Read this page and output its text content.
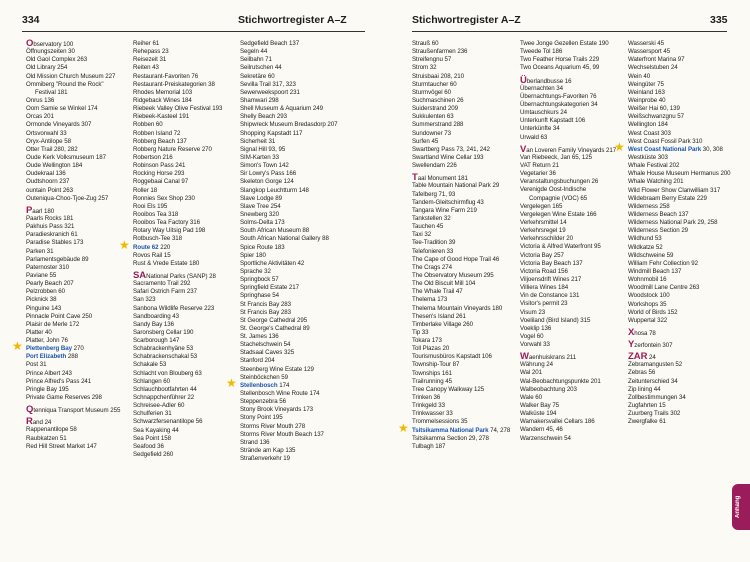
334	Stichwortregister A–Z	Stichwortregister A–Z	335
Observatory 100
Öffnungszeiten 30
Old Gaol Complex 263
Old Library 254
Old Mission Church Museum 227
Ommiberg "Round the Rock"
Festival 181
Onrus 136
Oom Samie se Winkel 174
Orcas 201
Ormonde Vineyards 307
Ortsvorwahl 33
Oryx-Antilope 58
Otter Trail 280, 282
Oude Kerk Volksmuseum 187
Oude Wellington 184
Oudekraal 136
Oudtshoorn 237
ountain Point 263
Outeniqua-Choo-Tjoe-Zug 257
Paarl 180
Paarls Rocks 181
Pakhuis Pass 321
Paradieskranich 61
Paradise Stables 173
Parken 31
Parlamentsgebäude 89
Paternoster 310
Paviane 55
Pearly Beach 207
Pelzrobben 60
Picknick 38
Pinguine 143
Pinnacle Point Cave 250
Plaisir de Merle 172
Platter 40
Platter, John 76
★ Plettenberg Bay 270
Port Elizabeth 288
Post 31
Prince Albert 243
Prince Alfred's Pass 241
Pringle Bay 195
Private Game Reserves 298
Qtenniqua Transport Museum 255
Rand 24
Rappenantilope 58
Raubkatzen 51
Red Hill Street Market 147
Reiher 61
Rehepass 23
Reisezeit 31
Reiten 43
Restaurant-Favoriten 76
Restaurant-Preiskategorien 38
Rhodes Memorial 103
Ridgeback Wines 184
Riebeek Valley Olive Festival 193
Riebeek-Kasteel 191
Robben 60
Robben Island 72
Robberg Beach 137
Robberg Nature Reserve 270
Robertson 216
Robinson Pass 241
Rocking Horse 293
Roggebaai Canal 97
Roller 18
Ronnies Sex Shop 230
Rooi Els 195
Rooibos Tea 318
Rooibos Tea Factory 316
Rotary Way Uitsig Pad 198
Rotbusch-Tee 318
★ Route 62 220
Rovos Rail 15
Rust & Vrede Estate 180
SANational Parks (SANP) 28
Sacramento Trail 292
Safari Ostrich Farm 237
San 323
Sanbona Wildlife Reserve 223
Sandboarding 43
Sandy Bay 136
Saronsberg Cellar 190
Scarborough 147
Schabrackenhyäne 53
Schabrackenschakal 53
Schakale 53
Schlacht von Blouberg 63
Schlangen 60
Schlauchbootfahrten 44
Schnappchenführer 22
Schreisee-Adler 60
Schulferien 31
Schwarzfersenantilope 56
Sea Kayaking 44
Sea Point 158
Seafood 36
Sedgefield 260
Sedgefield Beach 137
Segeln 44
Seilbahn 71
Seilrutschen 44
Sekretäre 60
Sevilla Trail 317, 323
Sewerweekspoort 231
Shamwari 298
Shell Museum & Aquarium 249
Shelly Beach 293
Shipwreck Museum Bredasdorp 207
Shopping Kapstadt 117
Sicherheit 31
Signal Hill 93, 95
SIM-Karten 33
Simon's Town 142
Sir Lowry's Pass 166
Skeleton Gorge 124
Slangkop Leuchtturm 148
Slave Lodge 89
Slave Tree 254
Snewberg 320
Solms-Delta 173
South African Museum 88
South African National Gallery 88
Spice Route 183
Spier 180
Sportliche Aktivitäten 42
Sprache 32
Springbock 57
Springfield Estate 217
Springhase 54
St Francis Bay 283
St Francis Bay 283
St George Cathedral 295
St. George's Cathedral 89
St. James 136
Stachelschwein 54
Stadsaal Caves 325
Stanford 204
Steenberg Wine Estate 129
Steinböckchen 59
★ Stellenbosch 174
Stellenbosch Wine Route 174
Steppenzebra 56
Stony Brook Vineyards 173
Stony Point 195
Storms River Mouth 278
Storms River Mouth Beach 137
Strand 136
Strände am Kap 135
Straßenverkehr 19
Strauß 60
Straußenfarmen 236
Streifengnu 57
Strom 32
Struisbaai 208, 210
Sturmtaucher 60
Sturmvögel 60
Suchmaschinen 26
Suiderstrand 209
Sukkulenten 63
Summerstrand 288
Sundowner 73
Surfen 45
Swartberg Pass 73, 241, 242
Swartland Wine Cellar 193
Swellendam 226
Taal Monument 181
Table Mountain National Park 29
Tafelberg 71, 93
Tandem-Gleitschirmflug 43
Tangara Wine Farm 219
Tankstellen 32
Tauchen 45
Taxi 32
Tee-Tradition 39
Telefonieren 33
The Cape of Good Hope Trail 46
The Crags 274
The Observatory Museum 295
The Old Biscuit Mill 104
The Whale Trail 47
Thelema 173
Thelema Mountain Vineyards 180
Thesen's Island 261
Timberlake Village 260
Tip 33
Tokara 173
Toll Plazas 20
Tourismusbüros Kapstadt 106
Township-Tour 87
Townships 161
Trailrunning 45
Tree Canopy Walkway 125
Trinken 36
Trinkgeld 33
Trinkwasser 33
Trommelsessions 35
★ Tsitsikamma National Park 74, 278
Tsitsikamma Section 29, 278
Tulbagh 187
Twee Jonge Gezellen Estate 190
Tweede Tol 186
Two Feather Horse Trails 229
Two Oceans Aquarium 45, 99
Überlandbusse 16
Übernachten 34
Übernachtungs-Favoriten 76
Übernachtungskategorien 34
Umtauschkurs 24
Unterkunft Kapstadt 106
Unterkünfte 34
Urwald 63
Van Loveren Family Vineyards 217
Van Riebeeck, Jan 65, 125
VAT Return 21
Vegetarier 36
Veranstaltungsbuchungen 26
Verenigde Oost-Indische
Compagnie (VOC) 65
Vergelegen 165
Vergelegen Wine Estate 166
Verkehrsmittel 14
Verkehrsregel 19
Verkehrsschilder 20
Victoria & Alfred Waterfront 95
Victoria Bay 257
Victoria Bay Beach 137
Victoria Road 156
Viljoensdrift Wines 217
Villiera Wines 184
Vin de Constance 131
Visitor's permit 23
Visum 23
Voeliland (Bird Island) 315
Voeklip 136
Vogel 60
Vorwahl 33
Waenhuiskrans 211
Währung 24
Wal 201
Wal-Beobachtungspunkte 201
Walbeobachtung 203
Wale 60
Walker Bay 75
Walküste 194
Wamakersvallei Cellars 186
Wandern 45, 46
Warzenschwein 54
Wasserski 45
Wassersport 45
Waterfront Marina 97
Wechselstuben 24
Wein 40
Weingüter 75
Weinland 163
Weinprobe 40
Weißer Hai 60, 139
Weißschwanzgnu 57
Wellington 184
West Coast 303
West Coast Fossil Park 310
★ West Coast National Park 30, 308
Westküste 303
Whale Festival 202
Whale House Museum Hermanus 200
Whale Watching 201
Wild Flower Show Clanwilliam 317
Wildebraam Berry Estate 229
Wilderness 258
Wilderness Beach 137
Wilderness National Park 29, 258
Wilderness Section 29
Wildhund 53
Wildkatze 52
Wildschweine 59
William Fehr Collection 92
Windmill Beach 137
Wohnmobil 16
Woodmill Lane Centre 263
Woodstock 100
Workshops 35
World of Birds 152
Wuppertal 322
Xhosa 78
Yzerfontein 307
ZAR 24
Zebramangusten 52
Zebras 56
Zeitunterschied 34
Zip lining 44
Zollbestimmungen 34
Zugfahrten 15
Zuurberg Trails 302
Zwergfalke 61
Anhang
